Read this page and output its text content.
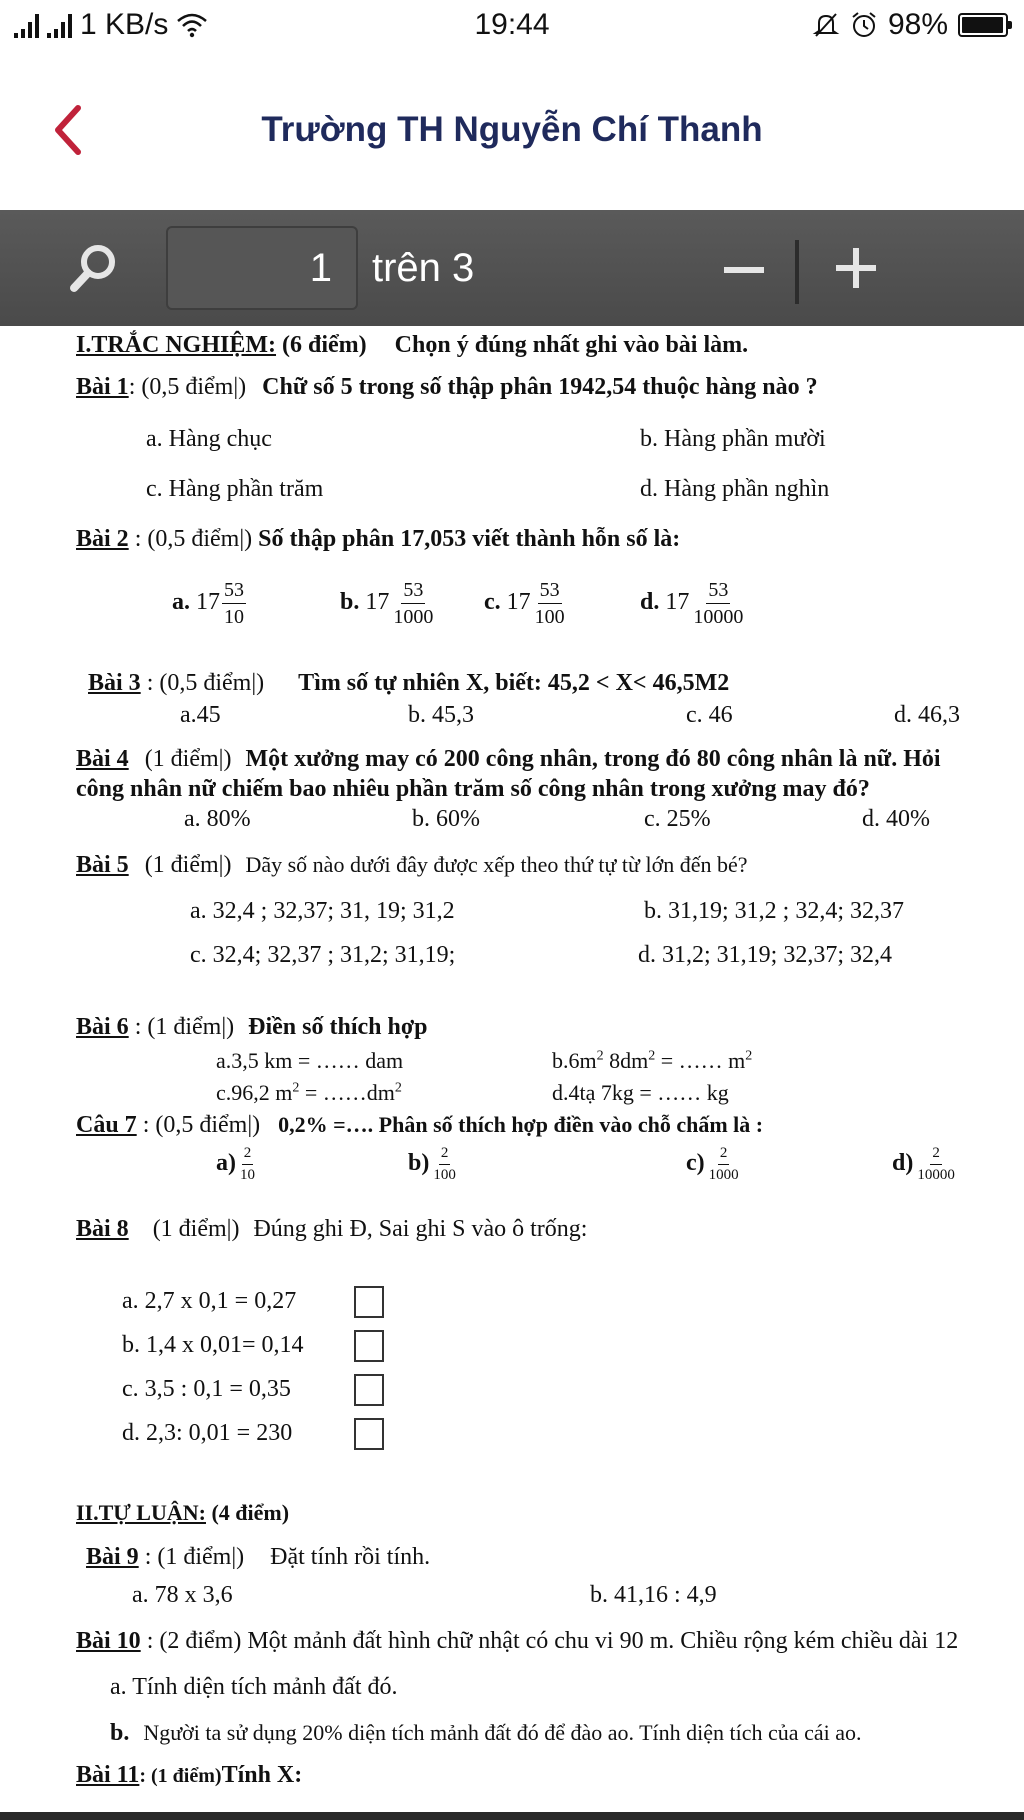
1 KB/s	19:44	98%
Trường TH Nguyễn Chí Thanh
1	trên 3
I.TRẮC NGHIỆM: (6 điểm) Chọn ý đúng nhất ghi vào bài làm.
Bài 1: (0,5 điểm|) Chữ số 5 trong số thập phân 1942,54 thuộc hàng nào ?
a. Hàng chục	b. Hàng phần mười
c. Hàng phần trăm	d. Hàng phần nghìn
Bài 2 : (0,5 điểm|) Số thập phân 17,053 viết thành hỗn số là:
a. $17 \frac{53}{10}$	b. $17 \frac{53}{1000} c$. $17 \frac{53}{100}$	d. $17 \frac{53}{10000}$
Bài 3 : (0,5 điểm|) Tìm số tự nhiên X, biết: 45,2 < X< 46,5M2
a.45	b. 45,3	c. 46	d. 46,3
Bài 4 (1 điểm|) Một xưởng may có 200 công nhân, trong đó 80 công nhân là nữ. Hỏi
công nhân nữ chiếm bao nhiêu phần trăm số công nhân trong xưởng may đó?
a. 80%	b. 60%	c. 25%	d. 40%
Bài 5 (1 điểm|) Dãy số nào dưới đây được xếp theo thứ tự từ lớn đến bé?
a. 32,4 ; 32,37; 31, 19; 31,2	b. 31,19; 31,2 ; 32,4; 32,37
c. 32,4; 32,37 ; 31,2; 31,19;	d. 31,2; 31,19; 32,37; 32,4
Bài 6 : (1 điểm|) Điền số thích hợp
a.3,5 km = …… dam	$b.6m^2$ $8dm^2$ = …… $m^2$
c.96,2 $m^2$ = $\dots\dots dm^2$	d.4tạ 7kg = …… kg
Câu 7 : (0,5 điểm|) 0,2% =…. Phân số thích hợp điền vào chỗ chấm là :
$a) \frac{2}{10}$	$b) \frac{2}{100}$	$c) \frac{2}{1000}$	$d) \frac{2}{10000}$
Bài 8 (1 điểm|) Đúng ghi Đ, Sai ghi S vào ô trống:
a. 2,7 x 0,1 = 0,27
b. 1,4 x 0,01= 0,14
c. 3,5 : 0,1 = 0,35
d. 2,3: 0,01 = 230
II.TỰ LUẬN: (4 điểm)
Bài 9 : (1 điểm|) Đặt tính rồi tính.
a. 78 x 3,6	b. 41,16 : 4,9
Bài 10 : (2 điểm) Một mảnh đất hình chữ nhật có chu vi 90 m. Chiều rộng kém chiều dài 12
a. Tính diện tích mảnh đất đó.
b. Người ta sử dụng 20% diện tích mảnh đất đó để đào ao. Tính diện tích của cái ao.
Bài 11: (1 điểm)Tính X:
